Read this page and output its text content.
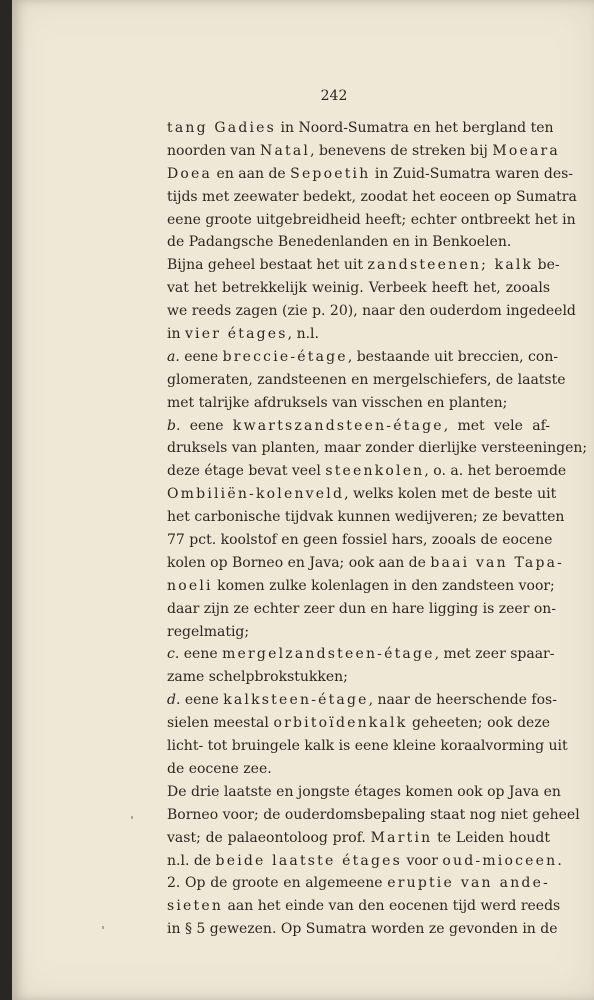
242
tang Gadies in Noord-Sumatra en het bergland ten
noorden van Natal, benevens de streken bij Moeara
Doea en aan de Sepoetih in Zuid-Sumatra waren des-
tijds met zeewater bedekt, zoodat het eoceen op Sumatra
eene groote uitgebreidheid heeft; echter ontbreekt het in
de Padangsche Benedenlanden en in Benkoelen.
Bijna geheel bestaat het uit zandsteenen; kalk be-
vat het betrekkelijk weinig. Verbeek heeft het, zooals
we reeds zagen (zie p. 20), naar den ouderdom ingedeeld
in vier étages, n.l.
a. eene breccie-étage, bestaande uit breccien, con-
glomeraten, zandsteenen en mergelschiefers, de laatste
met talrijke afdruksels van visschen en planten;
b. eene kwartszandsteen-étage, met vele af-
druksels van planten, maar zonder dierlijke versteeningen;
deze étage bevat veel steenkolen, o. a. het beroemde
Ombiliën-kolenveld, welks kolen met de beste uit
het carbonische tijdvak kunnen wedijveren; ze bevatten
77 pct. koolstof en geen fossiel hars, zooals de eocene
kolen op Borneo en Java; ook aan de baai van Tapa-
noeli komen zulke kolenlagen in den zandsteen voor;
daar zijn ze echter zeer dun en hare ligging is zeer on-
regelmatig;
c. eene mergelzandsteen-étage, met zeer spaar-
zame schelpbrokstukken;
d. eene kalksteen-étage, naar de heerschende fos-
sielen meestal orbitoïdenkalk geheeten; ook deze
licht- tot bruingele kalk is eene kleine koraalvorming uit
de eocene zee.
De drie laatste en jongste étages komen ook op Java en
Borneo voor; de ouderdomsbepaling staat nog niet geheel
vast; de palaeontoloog prof. Martin te Leiden houdt
n.l. de beide laatste étages voor oud-mioceen.
2. Op de groote en algemeene eruptie van ande-
sieten aan het einde van den eocenen tijd werd reeds
in § 5 gewezen. Op Sumatra worden ze gevonden in de
